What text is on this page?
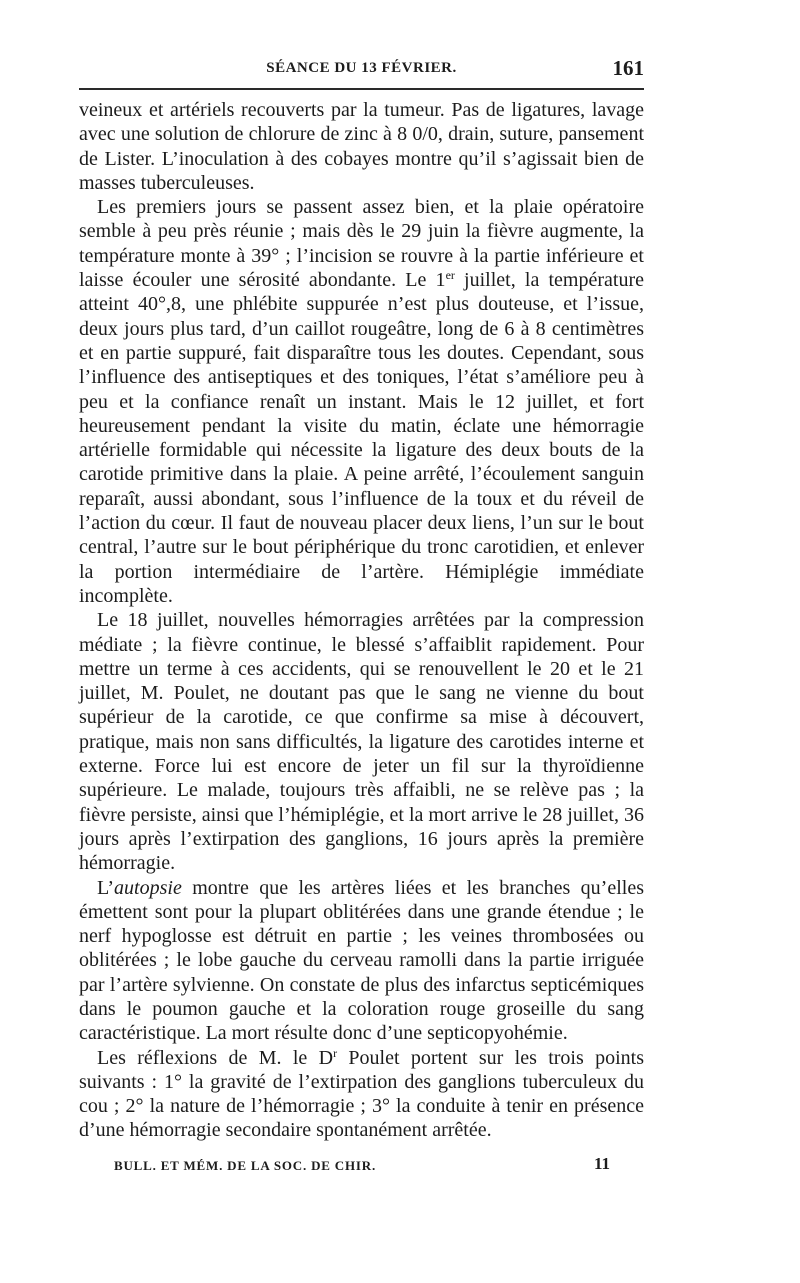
SÉANCE DU 13 FÉVRIER.	161

veineux et artériels recouverts par la tumeur. Pas de ligatures, lavage avec une solution de chlorure de zinc à 8 0/0, drain, suture, pansement de Lister. L’inoculation à des cobayes montre qu’il s’agissait bien de masses tuberculeuses.

Les premiers jours se passent assez bien, et la plaie opératoire semble à peu près réunie ; mais dès le 29 juin la fièvre augmente, la température monte à 39° ; l’incision se rouvre à la partie inférieure et laisse écouler une sérosité abondante. Le 1er juillet, la température atteint 40°,8, une phlébite suppurée n’est plus douteuse, et l’issue, deux jours plus tard, d’un caillot rougeâtre, long de 6 à 8 centimètres et en partie suppuré, fait disparaître tous les doutes. Cependant, sous l’influence des antiseptiques et des toniques, l’état s’améliore peu à peu et la confiance renaît un instant. Mais le 12 juillet, et fort heureusement pendant la visite du matin, éclate une hémorragie artérielle formidable qui nécessite la ligature des deux bouts de la carotide primitive dans la plaie. A peine arrêté, l’écoulement sanguin reparaît, aussi abondant, sous l’influence de la toux et du réveil de l’action du cœur. Il faut de nouveau placer deux liens, l’un sur le bout central, l’autre sur le bout périphérique du tronc carotidien, et enlever la portion intermédiaire de l’artère. Hémiplégie immédiate incomplète.

Le 18 juillet, nouvelles hémorragies arrêtées par la compression médiate ; la fièvre continue, le blessé s’affaiblit rapidement. Pour mettre un terme à ces accidents, qui se renouvellent le 20 et le 21 juillet, M. Poulet, ne doutant pas que le sang ne vienne du bout supérieur de la carotide, ce que confirme sa mise à découvert, pratique, mais non sans difficultés, la ligature des carotides interne et externe. Force lui est encore de jeter un fil sur la thyroïdienne supérieure. Le malade, toujours très affaibli, ne se relève pas ; la fièvre persiste, ainsi que l’hémiplégie, et la mort arrive le 28 juillet, 36 jours après l’extirpation des ganglions, 16 jours après la première hémorragie.

L’autopsie montre que les artères liées et les branches qu’elles émettent sont pour la plupart oblitérées dans une grande étendue ; le nerf hypoglosse est détruit en partie ; les veines thrombosées ou oblitérées ; le lobe gauche du cerveau ramolli dans la partie irriguée par l’artère sylvienne. On constate de plus des infarctus septicémiques dans le poumon gauche et la coloration rouge groseille du sang caractéristique. La mort résulte donc d’une septicopyohémie.

Les réflexions de M. le $D^r$ Poulet portent sur les trois points suivants : 1° la gravité de l’extirpation des ganglions tuberculeux du cou ; 2° la nature de l’hémorragie ; 3° la conduite à tenir en présence d’une hémorragie secondaire spontanément arrêtée.

BULL. ET MÉM. DE LA SOC. DE CHIR.	11
